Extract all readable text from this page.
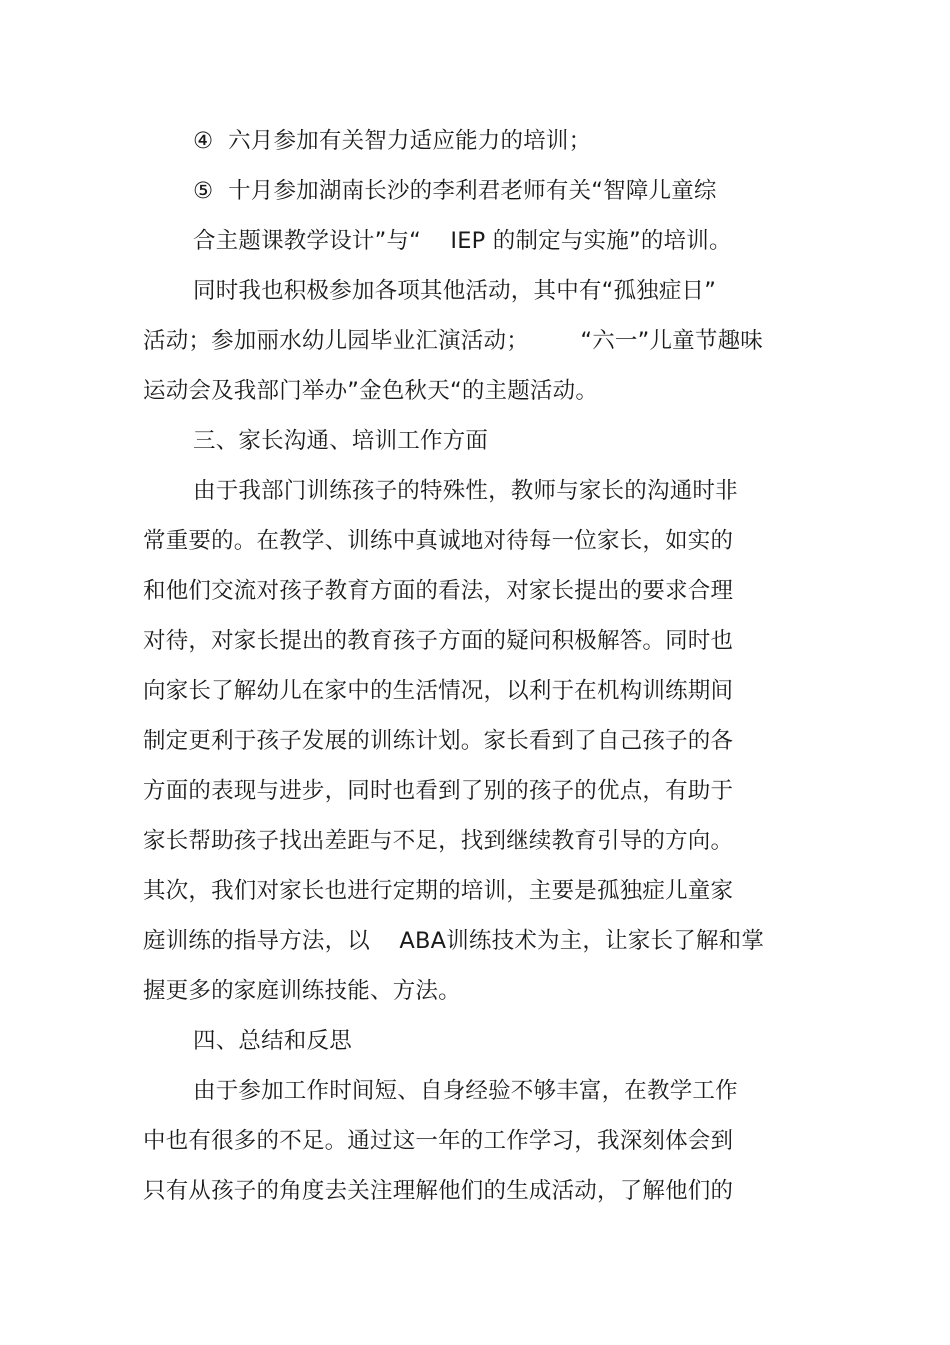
④  六月参加有关智力适应能力的培训；
⑤  十月参加湖南长沙的李利君老师有关“智障儿童综
合主题课教学设计”与“    IEP 的制定与实施”的培训。
同时我也积极参加各项其他活动，其中有“孤独症日”
活动；参加丽水幼儿园毕业汇演活动；       “六一”儿童节趣味
运动会及我部门举办”金色秋天“的主题活动。
三、家长沟通、培训工作方面
由于我部门训练孩子的特殊性，教师与家长的沟通时非
常重要的。在教学、训练中真诚地对待每一位家长，如实的
和他们交流对孩子教育方面的看法，对家长提出的要求合理
对待，对家长提出的教育孩子方面的疑问积极解答。同时也
向家长了解幼儿在家中的生活情况，以利于在机构训练期间
制定更利于孩子发展的训练计划。家长看到了自己孩子的各
方面的表现与进步，同时也看到了别的孩子的优点，有助于
家长帮助孩子找出差距与不足，找到继续教育引导的方向。
其次，我们对家长也进行定期的培训，主要是孤独症儿童家
庭训练的指导方法，以    ABA训练技术为主，让家长了解和掌
握更多的家庭训练技能、方法。
四、总结和反思
由于参加工作时间短、自身经验不够丰富，在教学工作
中也有很多的不足。通过这一年的工作学习，我深刻体会到
只有从孩子的角度去关注理解他们的生成活动，了解他们的
